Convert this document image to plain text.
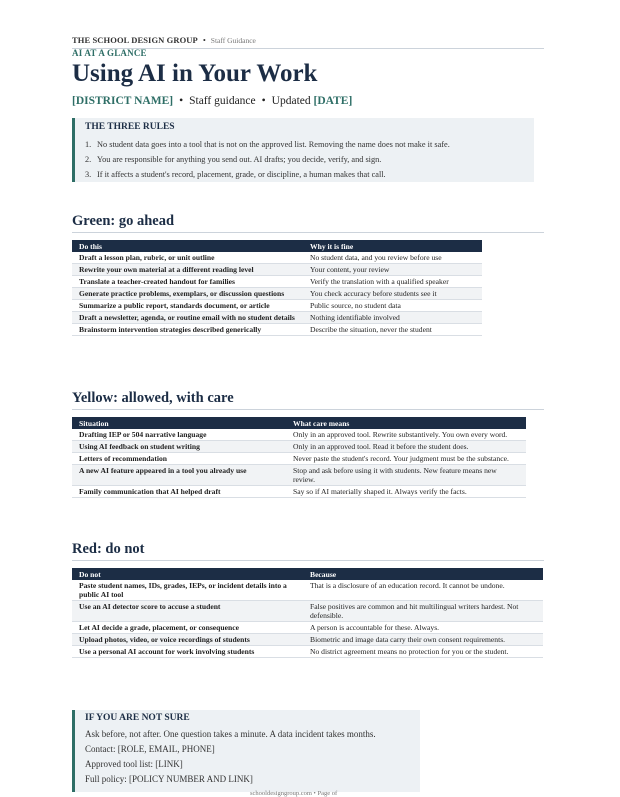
THE SCHOOL DESIGN GROUP • Staff Guidance
AI AT A GLANCE
Using AI in Your Work
[DISTRICT NAME] • Staff guidance • Updated [DATE]
THE THREE RULES
1. No student data goes into a tool that is not on the approved list. Removing the name does not make it safe.
2. You are responsible for anything you send out. AI drafts; you decide, verify, and sign.
3. If it affects a student's record, placement, grade, or discipline, a human makes that call.
Green: go ahead
Do this	Why it is fine
Draft a lesson plan, rubric, or unit outline	No student data, and you review before use
Rewrite your own material at a different reading level	Your content, your review
Translate a teacher-created handout for families	Verify the translation with a qualified speaker
Generate practice problems, exemplars, or discussion questions	You check accuracy before students see it
Summarize a public report, standards document, or article	Public source, no student data
Draft a newsletter, agenda, or routine email with no student details	Nothing identifiable involved
Brainstorm intervention strategies described generically	Describe the situation, never the student
Yellow: allowed, with care
Situation	What care means
Drafting IEP or 504 narrative language	Only in an approved tool. Rewrite substantively. You own every word.
Using AI feedback on student writing	Only in an approved tool. Read it before the student does.
Letters of recommendation	Never paste the student's record. Your judgment must be the substance.
A new AI feature appeared in a tool you already use	Stop and ask before using it with students. New feature means new review.
Family communication that AI helped draft	Say so if AI materially shaped it. Always verify the facts.
Red: do not
Do not	Because
Paste student names, IDs, grades, IEPs, or incident details into a public AI tool	That is a disclosure of an education record. It cannot be undone.
Use an AI detector score to accuse a student	False positives are common and hit multilingual writers hardest. Not defensible.
Let AI decide a grade, placement, or consequence	A person is accountable for these. Always.
Upload photos, video, or voice recordings of students	Biometric and image data carry their own consent requirements.
Use a personal AI account for work involving students	No district agreement means no protection for you or the student.
IF YOU ARE NOT SURE

Ask before, not after. One question takes a minute. A data incident takes months.

Contact: [ROLE, EMAIL, PHONE]

Approved tool list: [LINK]

Full policy: [POLICY NUMBER AND LINK]

schooldesigngroup.com • Page of
